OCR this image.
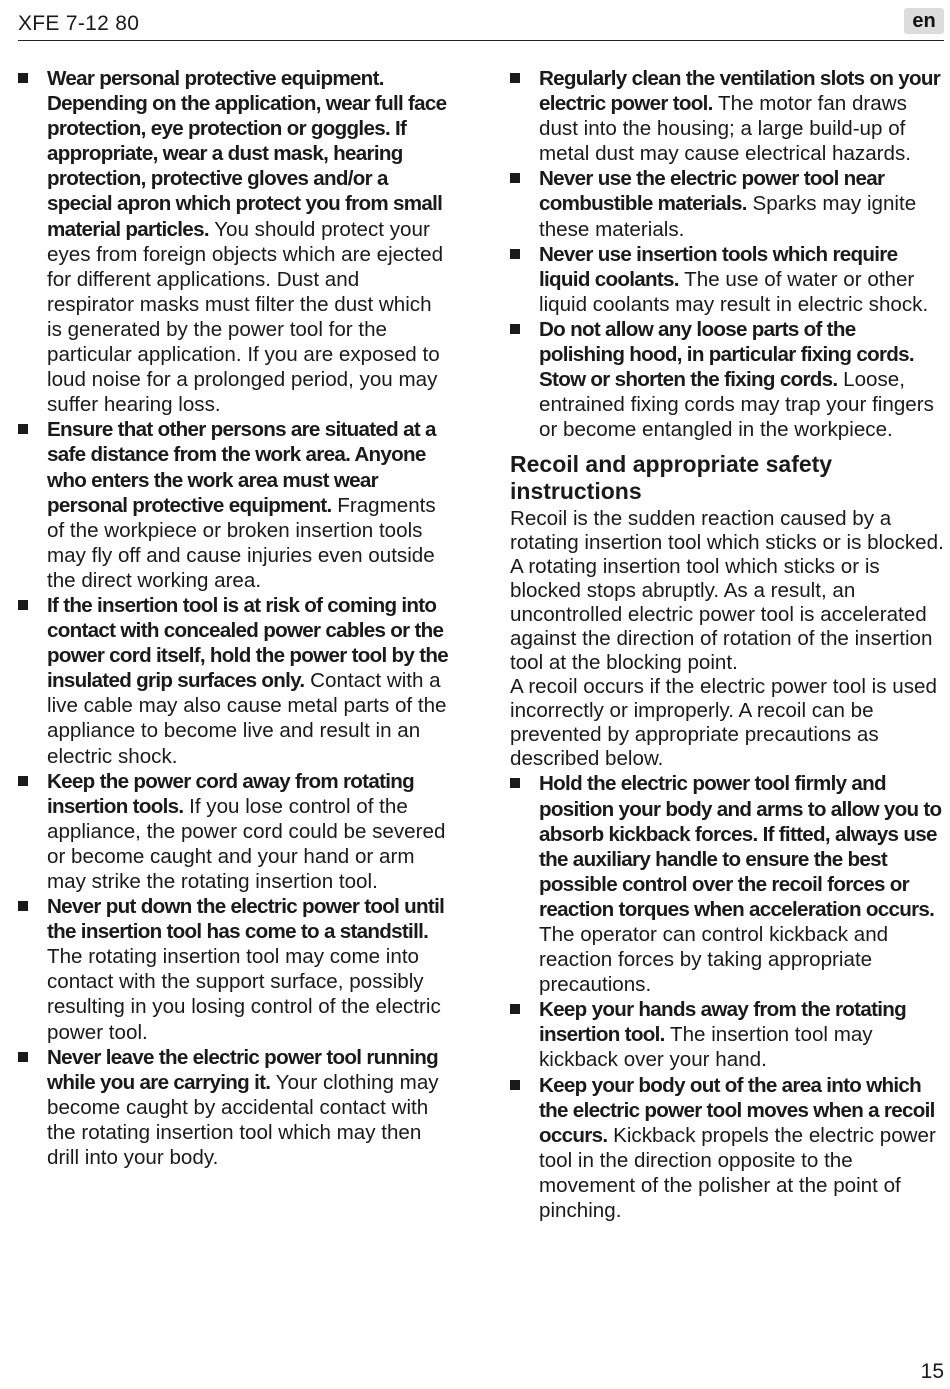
XFE 7-12 80	en

Wear personal protective equipment. Depending on the application, wear full face protection, eye protection or goggles. If appropriate, wear a dust mask, hearing protection, protective gloves and/or a special apron which protect you from small material particles. You should protect your eyes from foreign objects which are ejected for different applications. Dust and respirator masks must filter the dust which is generated by the power tool for the particular application. If you are exposed to loud noise for a prolonged period, you may suffer hearing loss.

Ensure that other persons are situated at a safe distance from the work area. Anyone who enters the work area must wear personal protective equipment. Fragments of the workpiece or broken insertion tools may fly off and cause injuries even outside the direct working area.

If the insertion tool is at risk of coming into contact with concealed power cables or the power cord itself, hold the power tool by the insulated grip surfaces only. Contact with a live cable may also cause metal parts of the appliance to become live and result in an electric shock.

Keep the power cord away from rotating insertion tools. If you lose control of the appliance, the power cord could be severed or become caught and your hand or arm may strike the rotating insertion tool.

Never put down the electric power tool until the insertion tool has come to a standstill. The rotating insertion tool may come into contact with the support surface, possibly resulting in you losing control of the electric power tool.

Never leave the electric power tool running while you are carrying it. Your clothing may become caught by accidental contact with the rotating insertion tool which may then drill into your body.

Regularly clean the ventilation slots on your electric power tool. The motor fan draws dust into the housing; a large build-up of metal dust may cause electrical hazards.

Never use the electric power tool near combustible materials. Sparks may ignite these materials.

Never use insertion tools which require liquid coolants. The use of water or other liquid coolants may result in electric shock.

Do not allow any loose parts of the polishing hood, in particular fixing cords. Stow or shorten the fixing cords. Loose, entrained fixing cords may trap your fingers or become entangled in the workpiece.

Recoil and appropriate safety instructions

Recoil is the sudden reaction caused by a rotating insertion tool which sticks or is blocked. A rotating insertion tool which sticks or is blocked stops abruptly. As a result, an uncontrolled electric power tool is accelerated against the direction of rotation of the insertion tool at the blocking point.

A recoil occurs if the electric power tool is used incorrectly or improperly. A recoil can be prevented by appropriate precautions as described below.

Hold the electric power tool firmly and position your body and arms to allow you to absorb kickback forces. If fitted, always use the auxiliary handle to ensure the best possible control over the recoil forces or reaction torques when acceleration occurs. The operator can control kickback and reaction forces by taking appropriate precautions.

Keep your hands away from the rotating insertion tool. The insertion tool may kickback over your hand.

Keep your body out of the area into which the electric power tool moves when a recoil occurs. Kickback propels the electric power tool in the direction opposite to the movement of the polisher at the point of pinching.

15
